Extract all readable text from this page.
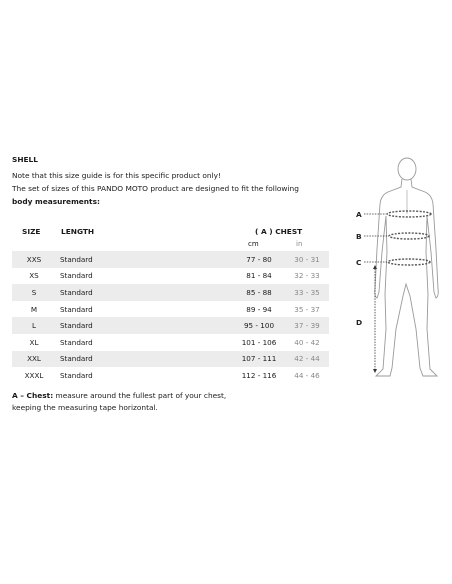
SHELL
Note that this size guide is for this specific product only!
The set of sizes of this PANDO MOTO product are designed to fit the following
body measurements:
SIZE	LENGTH	( A ) CHEST
cm	in
XXS	Standard		77 - 80	30 - 31
XS	Standard		81 - 84	32 - 33
S	Standard		85 - 88	33 - 35
M	Standard		89 - 94	35 - 37
L	Standard		95 - 100	37 - 39
XL	Standard		101 - 106	40 - 42
XXL	Standard		107 - 111	42 - 44
XXXL	Standard		112 - 116	44 - 46
A – Chest: measure around the fullest part of your chest,
keeping the measuring tape horizontal.
A
B
C
D
